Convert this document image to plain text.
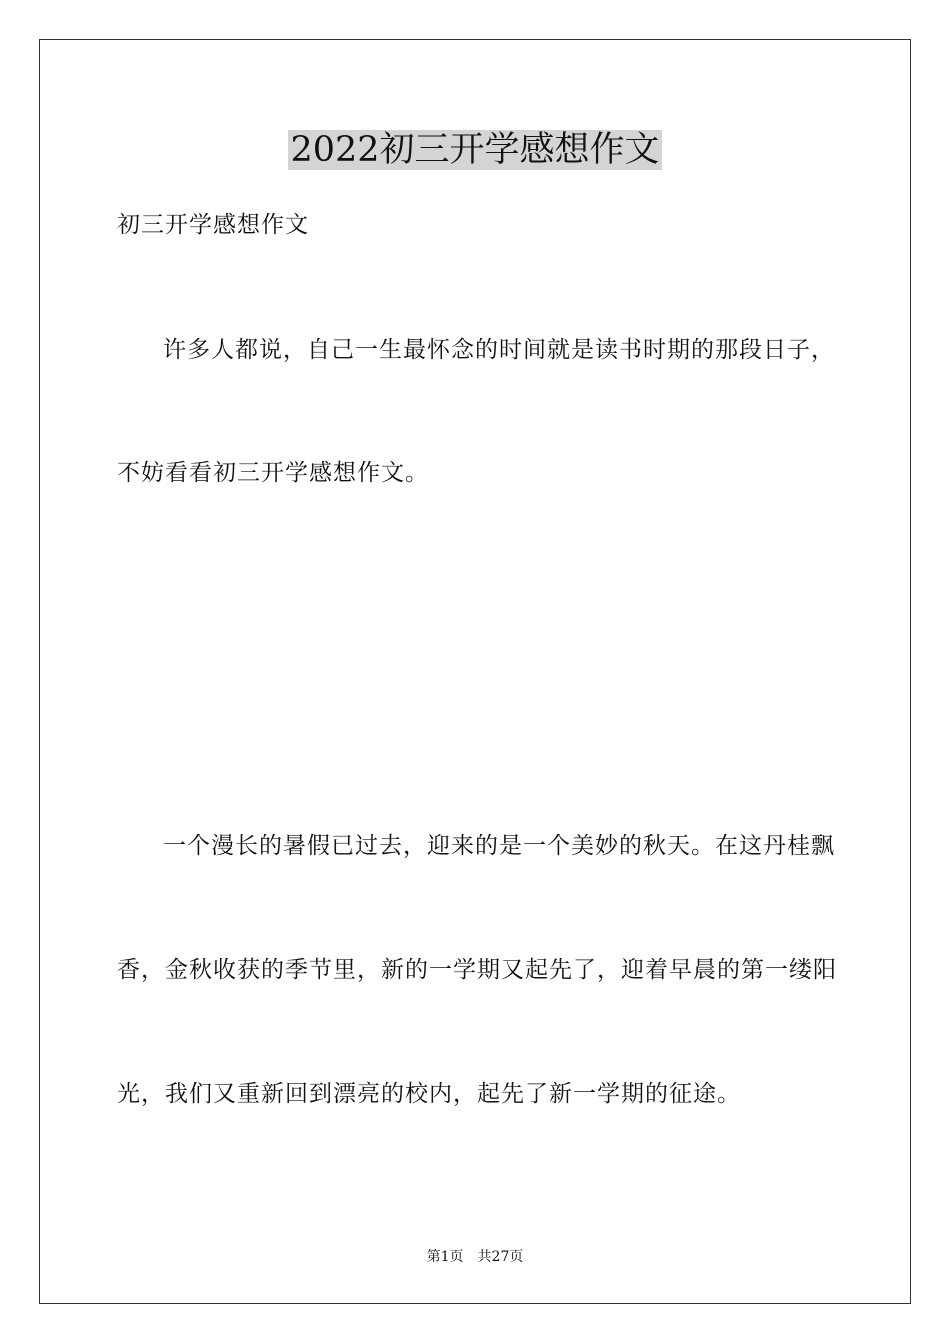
2022初三开学感想作文
初三开学感想作文
许多人都说，自己一生最怀念的时间就是读书时期的那段日子，
不妨看看初三开学感想作文。
一个漫长的暑假已过去，迎来的是一个美妙的秋天。在这丹桂飘
香，金秋收获的季节里，新的一学期又起先了，迎着早晨的第一缕阳
光，我们又重新回到漂亮的校内，起先了新一学期的征途。
第1页　共27页
